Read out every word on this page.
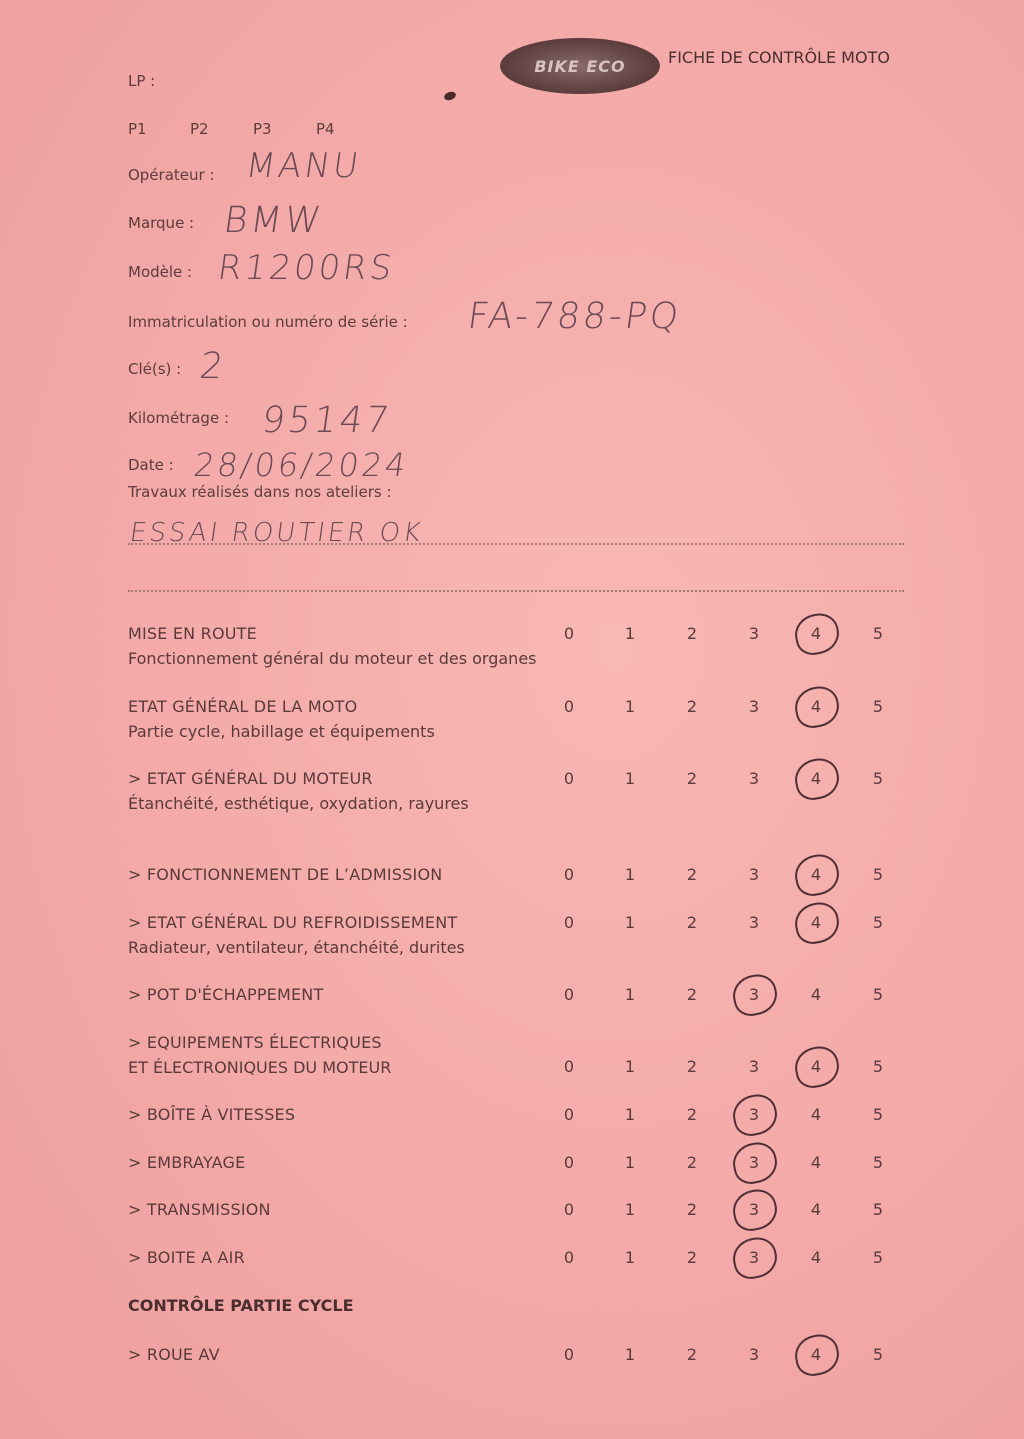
BIKE ECO	FICHE DE CONTRÔLE MOTO
LP :
P1	P2	P3	P4
Opérateur : MANU
Marque : BMW
Modèle : R1200RS
Immatriculation ou numéro de série : FA-788-PQ
Clé(s) : 2
Kilométrage : 95147
Date : 28/06/2024
Travaux réalisés dans nos ateliers :
ESSAI ROUTIER OK
MISE EN ROUTE
Fonctionnement général du moteur et des organes
0	1	2	3	4	5
ETAT GÉNÉRAL DE LA MOTO
Partie cycle, habillage et équipements
0	1	2	3	4	5
> ETAT GÉNÉRAL DU MOTEUR
Étanchéité, esthétique, oxydation, rayures
0	1	2	3	4	5
> FONCTIONNEMENT DE L’ADMISSION	0	1	2	3	4	5
> ETAT GÉNÉRAL DU REFROIDISSEMENT
Radiateur, ventilateur, étanchéité, durites
0	1	2	3	4	5
> POT D'ÉCHAPPEMENT	0	1	2	3	4	5
> EQUIPEMENTS ÉLECTRIQUES
ET ÉLECTRONIQUES DU MOTEUR	0	1	2	3	4	5
> BOÎTE À VITESSES	0	1	2	3	4	5
> EMBRAYAGE	0	1	2	3	4	5
> TRANSMISSION	0	1	2	3	4	5
> BOITE A AIR	0	1	2	3	4	5
CONTRÔLE PARTIE CYCLE
> ROUE AV	0	1	2	3	4	5
